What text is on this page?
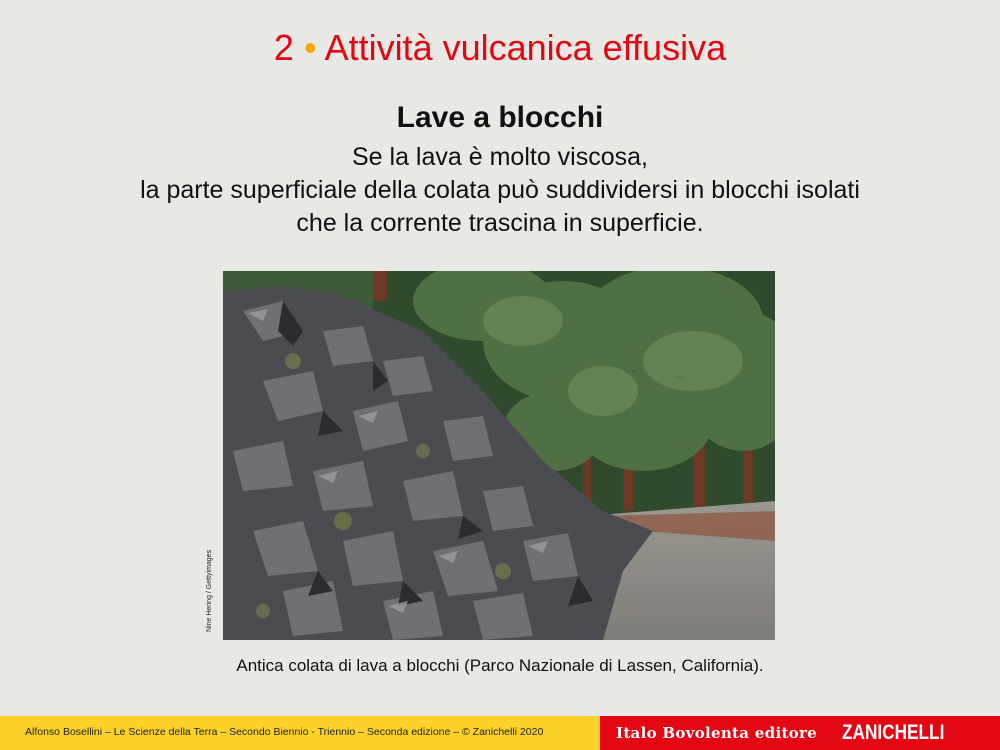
2 • Attività vulcanica effusiva
Lave a blocchi
Se la lava è molto viscosa,
la parte superficiale della colata può suddividersi in blocchi isolati
che la corrente trascina in superficie.
Nine Hering / Gettyimages
Antica colata di lava a blocchi (Parco Nazionale di Lassen, California).
Alfonso Bosellini – Le Scienze della Terra – Secondo Biennio - Triennio – Seconda edizione – © Zanichelli 2020	Italo Bovolenta editore ZANICHELLI
